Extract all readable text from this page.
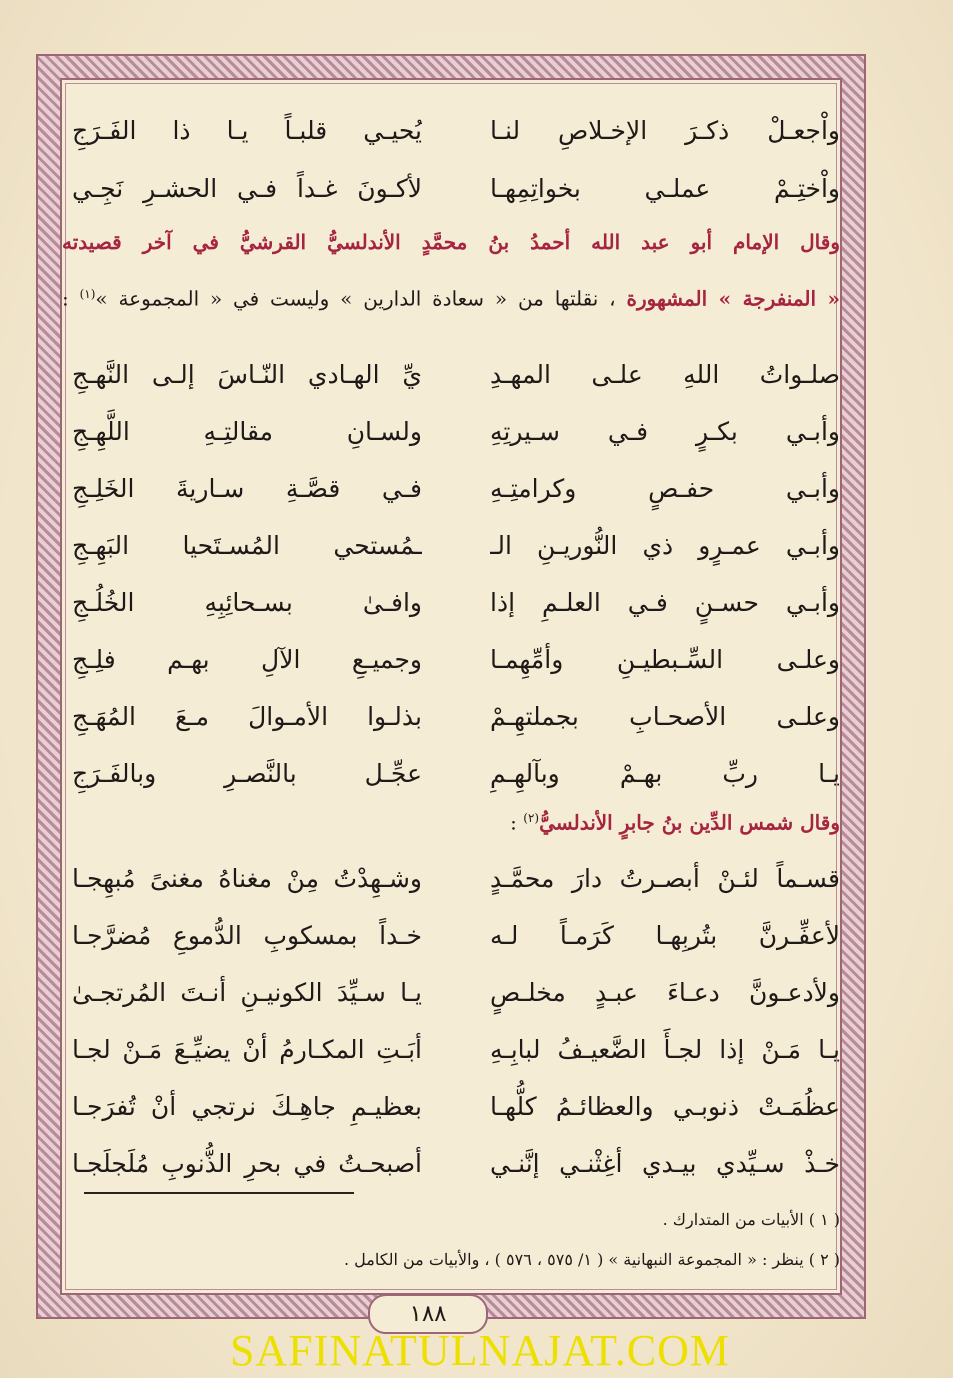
واْجعـلْ ذكـرَ الإخـلاصِ لنـا
يُحيـي قلبـاً يـا ذا الفَـرَجِ
واْختِـمْ عملـي بخواتِمِهـا
لأكـونَ غـداً فـي الحشـرِ نَجِـي
وقال الإمام أبو عبد الله أحمدُ بنُ محمَّدٍ الأندلسيُّ القرشيُّ في آخر قصيدته
« المنفرجة » المشهورة ، نقلتها من « سعادة الدارين » وليست في « المجموعة »$^{(١)}$ :
صلـواتُ اللهِ علـى المهـدِ
يِّ الهـادي النّـاسَ إلـى النَّهـجِ
وأبـي بكـرٍ فـي سـيرتِهِ
ولسـانِ مقالتِـهِ اللَّهِـجِ
وأبـي حفـصٍ وكرامتِـهِ
فـي قصَّـةِ سـاريةَ الخَلِـجِ
وأبـي عمـرٍو ذي النُّوريـنِ الـ
ـمُستحي المُسـتَحيا البَهِـجِ
وأبـي حسـنٍ فـي العلـمِ إذا
وافـىٰ بسـحائِبِهِ الخُلُـجِ
وعلـى السِّـبطيـنِ وأمِّهِمـا
وجميـعِ الآلِ بهـم فلِـجِ
وعلـى الأصحـابِ بجملتهِـمْ
بذلـوا الأمـوالَ مـعَ المُهَـجِ
يـا ربِّ بهـمْ وبآلهِـمِ
عجِّـل بالنَّصـرِ وبالفَـرَجِ
وقال شمس الدِّين بنُ جابرٍ الأندلسيُّ$^{(٢)}$ :
قسـماً لئـنْ أبصـرتُ دارَ محمَّـدٍ
وشـهِدْتُ مِنْ مغناهُ مغنىً مُبهِجـا
لأعفِّـرنَّ بتُربِهـا كَرَمـاً لـه
خـداً بمسكوبِ الدُّموعِ مُضرَّجـا
ولأدعـونَّ دعـاءَ عبـدٍ مخلـصٍ
يـا سـيِّدَ الكونيـنِ أنـتَ المُرتجـىٰ
يـا مَـنْ إذا لجـأَ الضَّعيـفُ لبابِـهِ
أبَـتِ المكـارمُ أنْ يضيِّـعَ مَـنْ لجـا
عظُمَـتْ ذنوبـي والعظائـمُ كلُّهـا
بعظيـمِ جاهِـكَ نرتجي أنْ تُفرَجـا
خـذْ سـيِّدي بيـدي أغِثْنـي إنَّنـي
أصبحـتُ في بحرِ الذُّنوبِ مُلَجلَجـا
( ١ ) الأبيات من المتدارك .
( ٢ ) ينظر : « المجموعة النبهانية » ( ١/ ٥٧٥ ، ٥٧٦ ) ، والأبيات من الكامل .
١٨٨
SAFINATULNAJAT.COM
